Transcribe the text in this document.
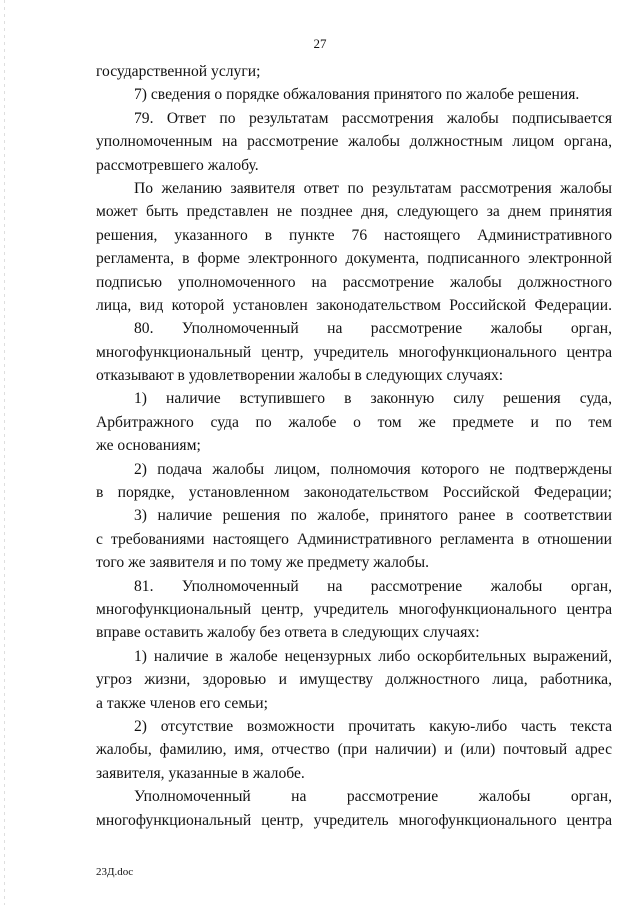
27
государственной услуги;
7) сведения о порядке обжалования принятого по жалобе решения.
79. Ответ по результатам рассмотрения жалобы подписывается
уполномоченным на рассмотрение жалобы должностным лицом органа,
рассмотревшего жалобу.
По желанию заявителя ответ по результатам рассмотрения жалобы
может быть представлен не позднее дня, следующего за днем принятия
решения, указанного в пункте 76 настоящего Административного
регламента, в форме электронного документа, подписанного электронной
подписью уполномоченного на рассмотрение жалобы должностного
лица, вид которой установлен законодательством Российской Федерации.
80. Уполномоченный на рассмотрение жалобы орган,
многофункциональный центр, учредитель многофункционального центра
отказывают в удовлетворении жалобы в следующих случаях:
1) наличие вступившего в законную силу решения суда,
Арбитражного суда по жалобе о том же предмете и по тем
же основаниям;
2) подача жалобы лицом, полномочия которого не подтверждены
в порядке, установленном законодательством Российской Федерации;
3) наличие решения по жалобе, принятого ранее в соответствии
с требованиями настоящего Административного регламента в отношении
того же заявителя и по тому же предмету жалобы.
81. Уполномоченный на рассмотрение жалобы орган,
многофункциональный центр, учредитель многофункционального центра
вправе оставить жалобу без ответа в следующих случаях:
1) наличие в жалобе нецензурных либо оскорбительных выражений,
угроз жизни, здоровью и имуществу должностного лица, работника,
а также членов его семьи;
2) отсутствие возможности прочитать какую-либо часть текста
жалобы, фамилию, имя, отчество (при наличии) и (или) почтовый адрес
заявителя, указанные в жалобе.
Уполномоченный на рассмотрение жалобы орган,
многофункциональный центр, учредитель многофункционального центра
23Д.doc
